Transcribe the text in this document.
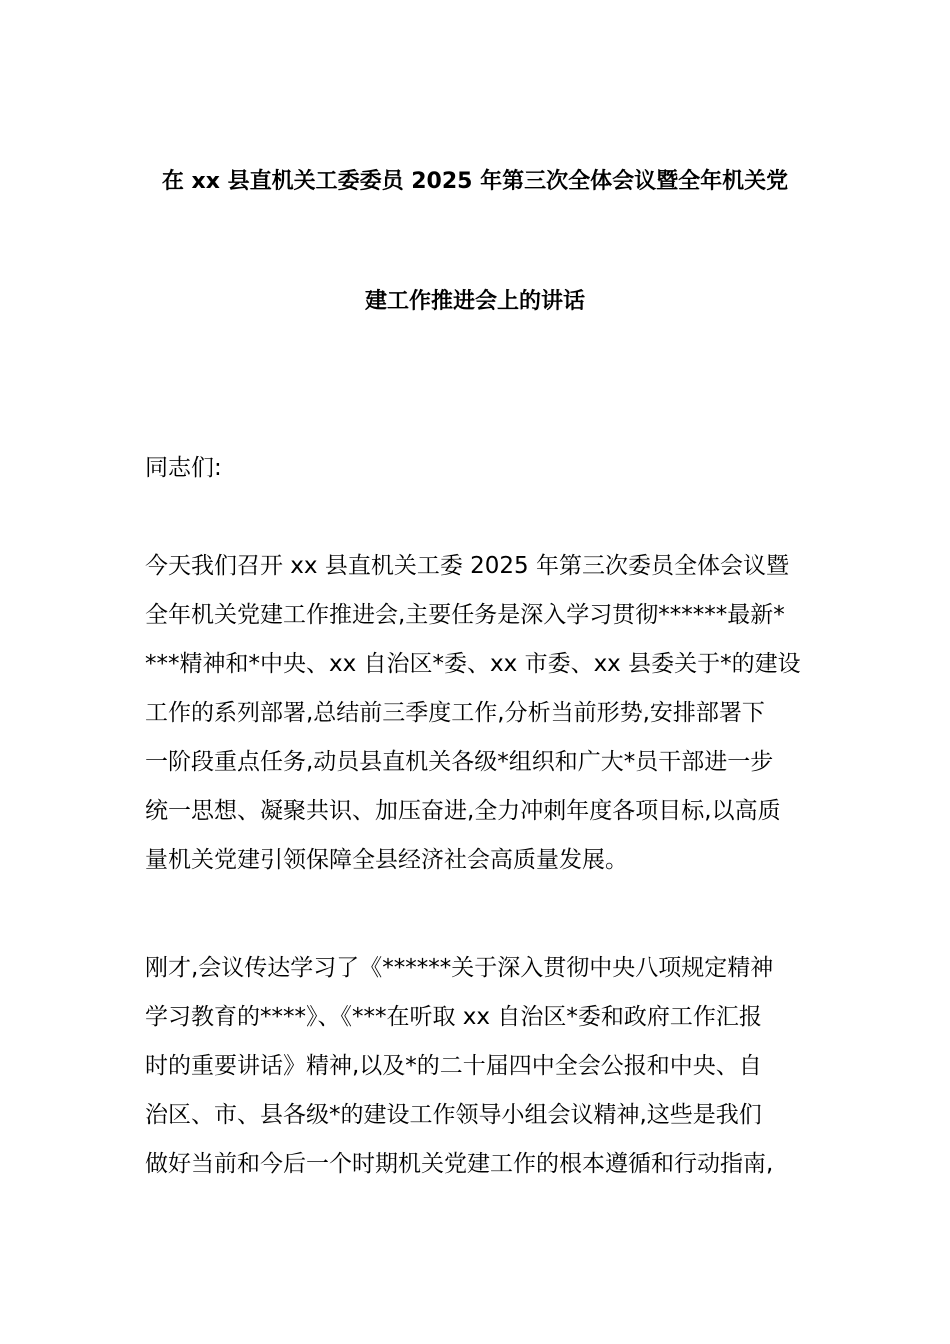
在 xx 县直机关工委委员 2025 年第三次全体会议暨全年机关党
建工作推进会上的讲话
同志们:
今天我们召开 xx 县直机关工委 2025 年第三次委员全体会议暨
全年机关党建工作推进会,主要任务是深入学习贯彻******最新*
***精神和*中央、xx 自治区*委、xx 市委、xx 县委关于*的建设
工作的系列部署,总结前三季度工作,分析当前形势,安排部署下
一阶段重点任务,动员县直机关各级*组织和广大*员干部进一步
统一思想、凝聚共识、加压奋进,全力冲刺年度各项目标,以高质
量机关党建引领保障全县经济社会高质量发展。
刚才,会议传达学习了《******关于深入贯彻中央八项规定精神
学习教育的****》、《***在听取 xx 自治区*委和政府工作汇报
时的重要讲话》精神,以及*的二十届四中全会公报和中央、自
治区、市、县各级*的建设工作领导小组会议精神,这些是我们
做好当前和今后一个时期机关党建工作的根本遵循和行动指南,
